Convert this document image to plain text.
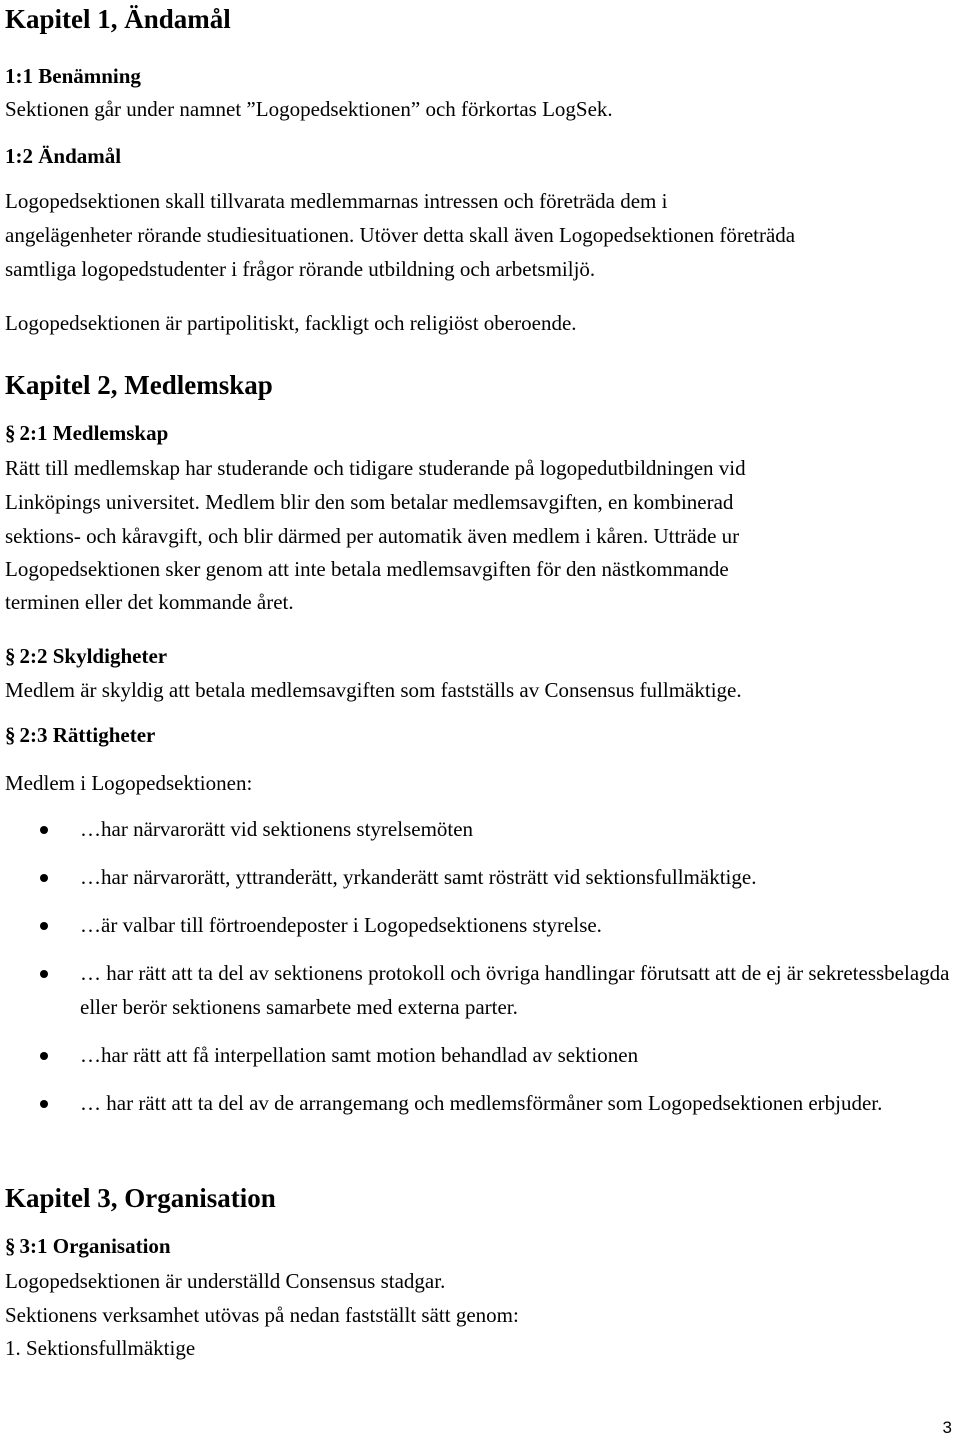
Kapitel 1, Ändamål
1:1 Benämning

Sektionen går under namnet ”Logopedsektionen” och förkortas LogSek.

1:2 Ändamål

Logopedsektionen skall tillvarata medlemmarnas intressen och företräda dem i

angelägenheter rörande studiesituationen. Utöver detta skall även Logopedsektionen företräda

samtliga logopedstudenter i frågor rörande utbildning och arbetsmiljö.

Logopedsektionen är partipolitiskt, fackligt och religiöst oberoende.

Kapitel 2, Medlemskap
§ 2:1 Medlemskap

Rätt till medlemskap har studerande och tidigare studerande på logopedutbildningen vid

Linköpings universitet. Medlem blir den som betalar medlemsavgiften, en kombinerad

sektions- och kåravgift, och blir därmed per automatik även medlem i kåren. Utträde ur

Logopedsektionen sker genom att inte betala medlemsavgiften för den nästkommande

terminen eller det kommande året.

§ 2:2 Skyldigheter

Medlem är skyldig att betala medlemsavgiften som fastställs av Consensus fullmäktige.

§ 2:3 Rättigheter

Medlem i Logopedsektionen:

…har närvarorätt vid sektionens styrelsemöten
…har närvarorätt, yttranderätt, yrkanderätt samt rösträtt vid sektionsfullmäktige.
…är valbar till förtroendeposter i Logopedsektionens styrelse.
… har rätt att ta del av sektionens protokoll och övriga handlingar förutsatt att de ej är sekretessbelagda eller berör sektionens samarbete med externa parter.
…har rätt att få interpellation samt motion behandlad av sektionen
… har rätt att ta del av de arrangemang och medlemsförmåner som Logopedsektionen erbjuder.
Kapitel 3, Organisation
§ 3:1 Organisation

Logopedsektionen är underställd Consensus stadgar.

Sektionens verksamhet utövas på nedan fastställt sätt genom:

1. Sektionsfullmäktige

3
